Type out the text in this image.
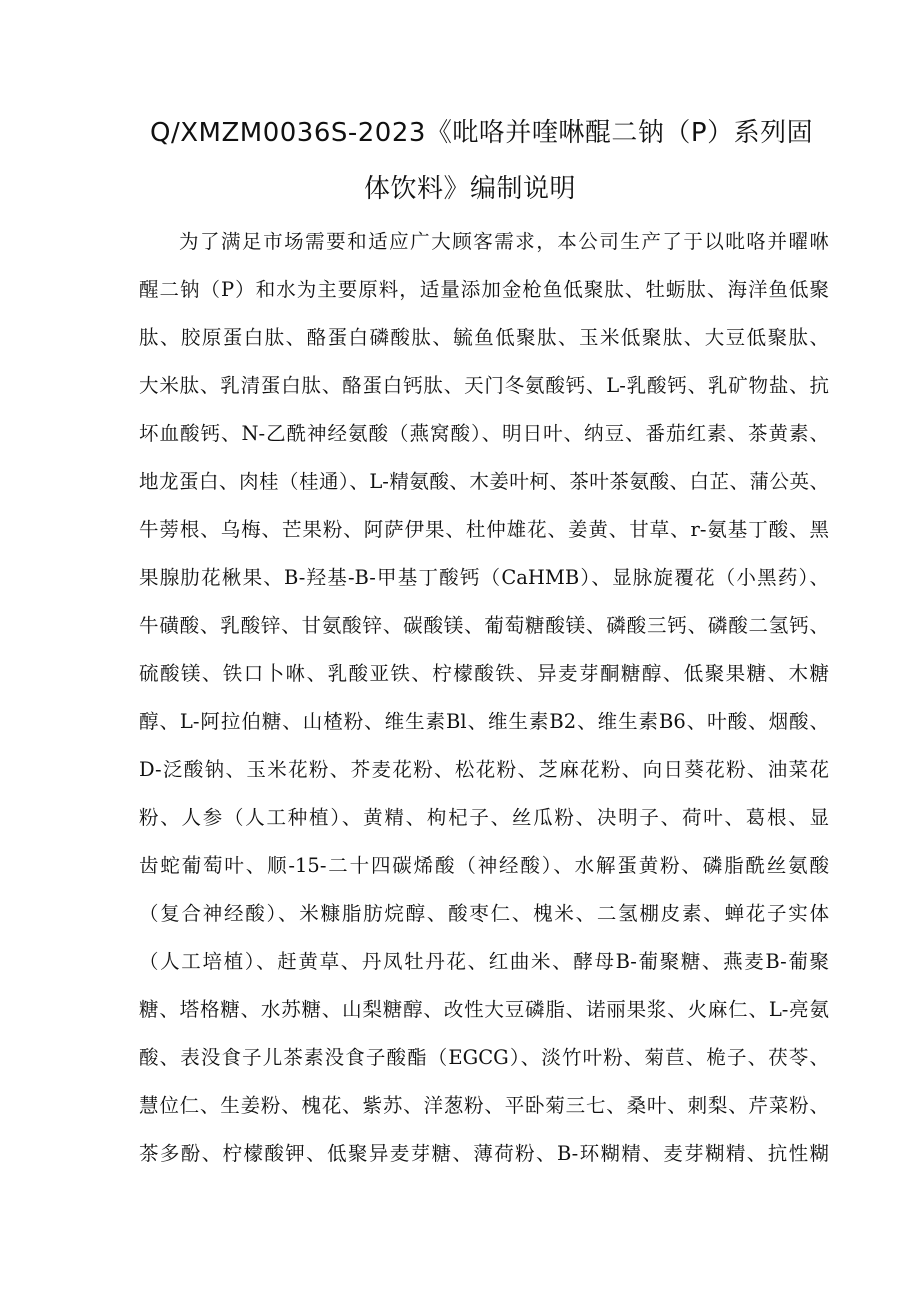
Q/XMZM0036S-2023《吡咯并喹啉醌二钠（P）系列固
体饮料》编制说明
为了满足市场需要和适应广大顾客需求，本公司生产了于以吡咯并曜咻
醒二钠（P）和水为主要原料，适量添加金枪鱼低聚肽、牡蛎肽、海洋鱼低聚
肽、胶原蛋白肽、酪蛋白磷酸肽、毓鱼低聚肽、玉米低聚肽、大豆低聚肽、
大米肽、乳清蛋白肽、酪蛋白钙肽、天门冬氨酸钙、L-乳酸钙、乳矿物盐、抗
坏血酸钙、N-乙酰神经氨酸（燕窝酸）、明日叶、纳豆、番茄红素、茶黄素、
地龙蛋白、肉桂（桂通）、L-精氨酸、木姜叶柯、茶叶茶氨酸、白芷、蒲公英、
牛蒡根、乌梅、芒果粉、阿萨伊果、杜仲雄花、姜黄、甘草、r-氨基丁酸、黑
果腺肋花楸果、B-羟基-B-甲基丁酸钙（CaHMB）、显脉旋覆花（小黑药）、
牛磺酸、乳酸锌、甘氨酸锌、碳酸镁、葡萄糖酸镁、磷酸三钙、磷酸二氢钙、
硫酸镁、铁口卜咻、乳酸亚铁、柠檬酸铁、异麦芽酮糖醇、低聚果糖、木糖
醇、L-阿拉伯糖、山楂粉、维生素Bl、维生素B2、维生素B6、叶酸、烟酸、
D-泛酸钠、玉米花粉、芥麦花粉、松花粉、芝麻花粉、向日葵花粉、油菜花
粉、人参（人工种植）、黄精、枸杞子、丝瓜粉、决明子、荷叶、葛根、显
齿蛇葡萄叶、顺-15-二十四碳烯酸（神经酸）、水解蛋黄粉、磷脂酰丝氨酸
（复合神经酸）、米糠脂肪烷醇、酸枣仁、槐米、二氢棚皮素、蝉花子实体
（人工培植）、赶黄草、丹凤牡丹花、红曲米、酵母B-葡聚糖、燕麦B-葡聚
糖、塔格糖、水苏糖、山梨糖醇、改性大豆磷脂、诺丽果浆、火麻仁、L-亮氨
酸、表没食子儿茶素没食子酸酯（EGCG）、淡竹叶粉、菊苣、桅子、茯苓、
慧位仁、生姜粉、槐花、紫苏、洋葱粉、平卧菊三七、桑叶、刺梨、芹菜粉、
茶多酚、柠檬酸钾、低聚异麦芽糖、薄荷粉、B-环糊精、麦芽糊精、抗性糊
